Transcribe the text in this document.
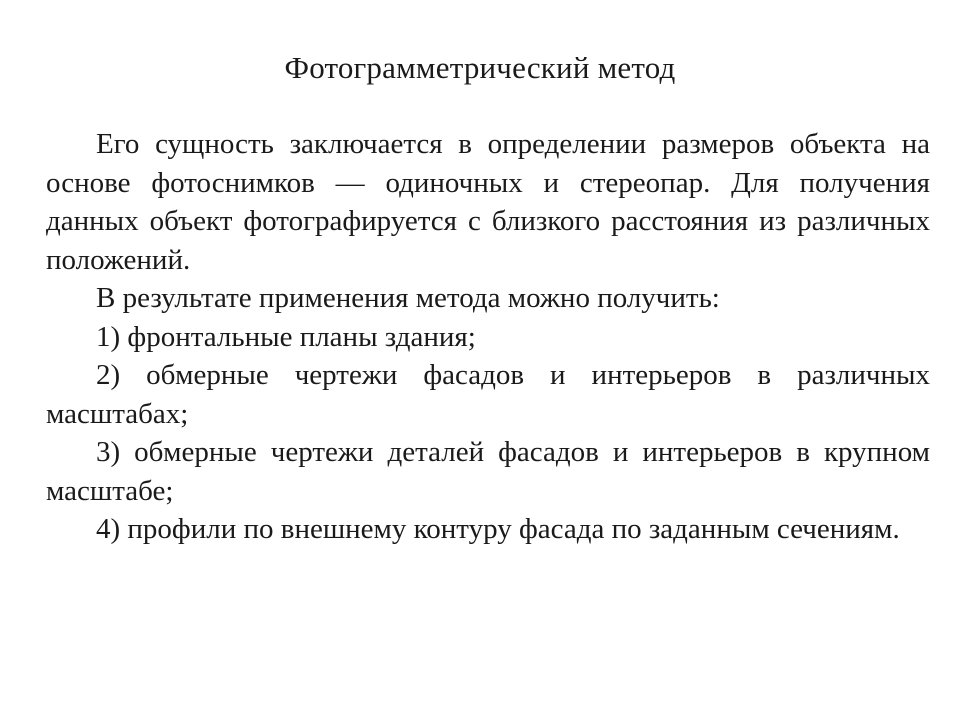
Фотограмметрический метод

Его сущность заключается в определении размеров объекта на основе фотоснимков — одиночных и стереопар. Для получения данных объект фотографируется с близкого расстояния из различных положений.

В результате применения метода можно получить:

1) фронтальные планы здания;

2) обмерные чертежи фасадов и интерьеров в различных масштабах;

3) обмерные чертежи деталей фасадов и интерьеров в крупном масштабе;

4) профили по внешнему контуру фасада по заданным сечениям.
